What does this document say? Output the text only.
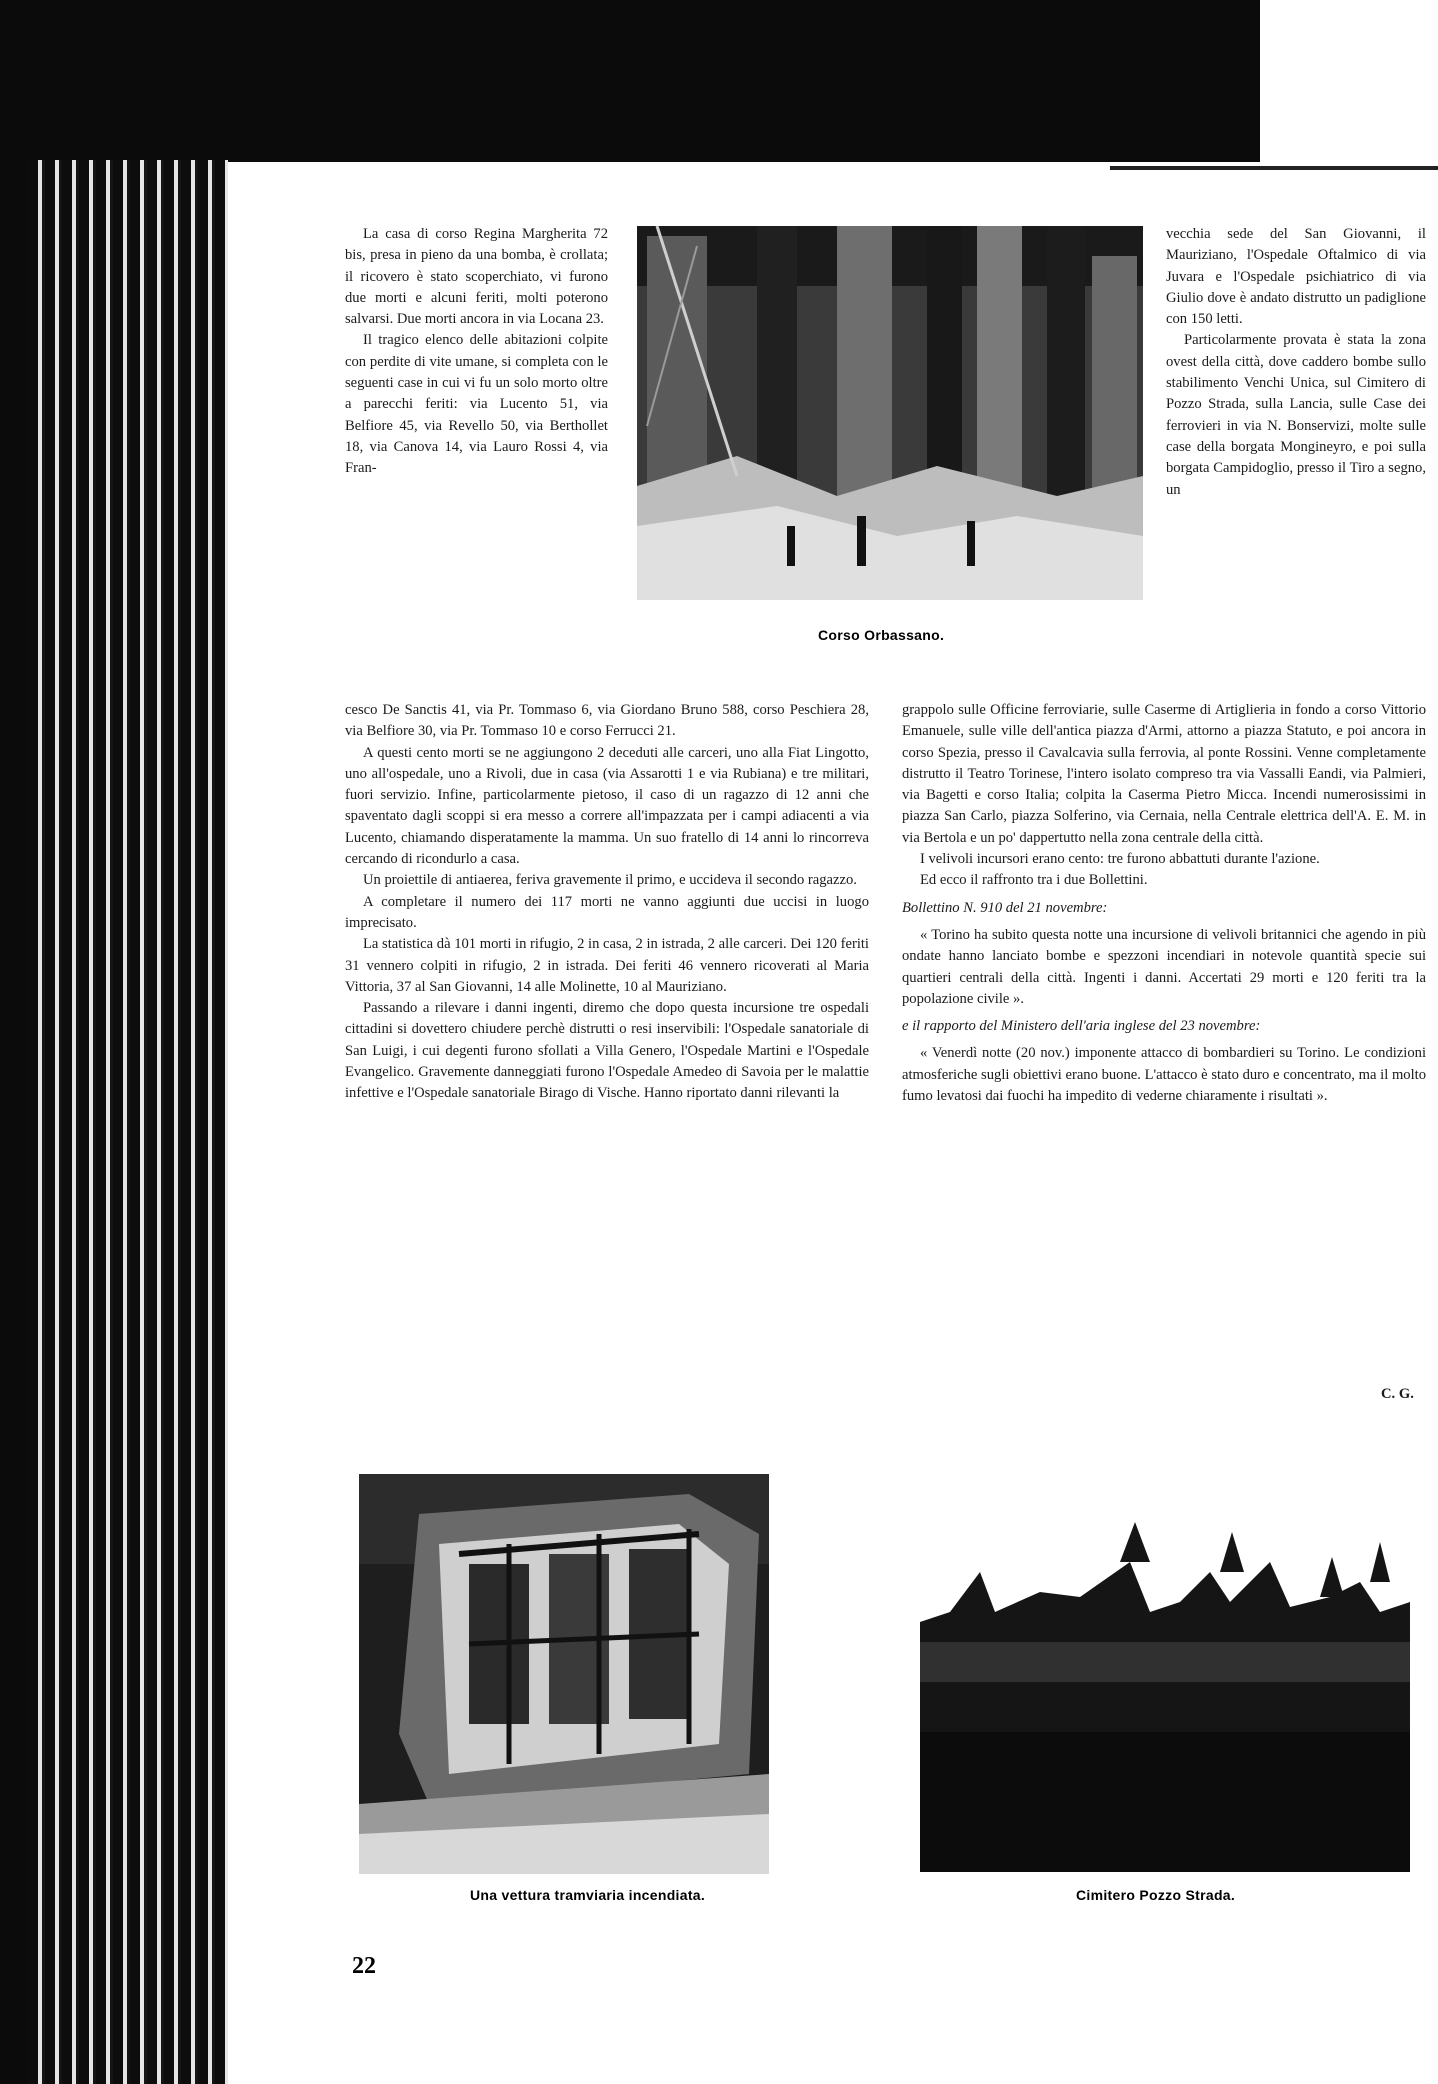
Corso Orbassano.

La casa di corso Regina Margherita 72 bis, presa in pieno da una bomba, è crollata; il ricovero è stato scoperchiato, vi furono due morti e alcuni feriti, molti poterono salvarsi. Due morti ancora in via Locana 23.

Il tragico elenco delle abitazioni colpite con perdite di vite umane, si completa con le seguenti case in cui vi fu un solo morto oltre a parecchi feriti: via Lucento 51, via Belfiore 45, via Revello 50, via Berthollet 18, via Canova 14, via Lauro Rossi 4, via Fran-

vecchia sede del San Giovanni, il Mauriziano, l'Ospedale Oftalmico di via Juvara e l'Ospedale psichiatrico di via Giulio dove è andato distrutto un padiglione con 150 letti.

Particolarmente provata è stata la zona ovest della città, dove caddero bombe sullo stabilimento Venchi Unica, sul Cimitero di Pozzo Strada, sulla Lancia, sulle Case dei ferrovieri in via N. Bonservizi, molte sulle case della borgata Mongineyro, e poi sulla borgata Campidoglio, presso il Tiro a segno, un

cesco De Sanctis 41, via Pr. Tommaso 6, via Giordano Bruno 588, corso Peschiera 28, via Belfiore 30, via Pr. Tommaso 10 e corso Ferrucci 21.

A questi cento morti se ne aggiungono 2 deceduti alle carceri, uno alla Fiat Lingotto, uno all'ospedale, uno a Rivoli, due in casa (via Assarotti 1 e via Rubiana) e tre militari, fuori servizio. Infine, particolarmente pietoso, il caso di un ragazzo di 12 anni che spaventato dagli scoppi si era messo a correre all'impazzata per i campi adiacenti a via Lucento, chiamando disperatamente la mamma. Un suo fratello di 14 anni lo rincorreva cercando di ricondurlo a casa.

Un proiettile di antiaerea, feriva gravemente il primo, e uccideva il secondo ragazzo.

A completare il numero dei 117 morti ne vanno aggiunti due uccisi in luogo imprecisato.

La statistica dà 101 morti in rifugio, 2 in casa, 2 in istrada, 2 alle carceri. Dei 120 feriti 31 vennero colpiti in rifugio, 2 in istrada. Dei feriti 46 vennero ricoverati al Maria Vittoria, 37 al San Giovanni, 14 alle Molinette, 10 al Mauriziano.

Passando a rilevare i danni ingenti, diremo che dopo questa incursione tre ospedali cittadini si dovettero chiudere perchè distrutti o resi inservibili: l'Ospedale sanatoriale di San Luigi, i cui degenti furono sfollati a Villa Genero, l'Ospedale Martini e l'Ospedale Evangelico. Gravemente danneggiati furono l'Ospedale Amedeo di Savoia per le malattie infettive e l'Ospedale sanatoriale Birago di Vische. Hanno riportato danni rilevanti la

grappolo sulle Officine ferroviarie, sulle Caserme di Artiglieria in fondo a corso Vittorio Emanuele, sulle ville dell'antica piazza d'Armi, attorno a piazza Statuto, e poi ancora in corso Spezia, presso il Cavalcavia sulla ferrovia, al ponte Rossini. Venne completamente distrutto il Teatro Torinese, l'intero isolato compreso tra via Vassalli Eandi, via Palmieri, via Bagetti e corso Italia; colpita la Caserma Pietro Micca. Incendi numerosissimi in piazza San Carlo, piazza Solferino, via Cernaia, nella Centrale elettrica dell'A. E. M. in via Bertola e un po' dappertutto nella zona centrale della città.

I velivoli incursori erano cento: tre furono abbattuti durante l'azione.

Ed ecco il raffronto tra i due Bollettini.

Bollettino N. 910 del 21 novembre:

« Torino ha subito questa notte una incursione di velivoli britannici che agendo in più ondate hanno lanciato bombe e spezzoni incendiari in notevole quantità specie sui quartieri centrali della città. Ingenti i danni. Accertati 29 morti e 120 feriti tra la popolazione civile ».

e il rapporto del Ministero dell'aria inglese del 23 novembre:

« Venerdì notte (20 nov.) imponente attacco di bombardieri su Torino. Le condizioni atmosferiche sugli obiettivi erano buone. L'attacco è stato duro e concentrato, ma il molto fumo levatosi dai fuochi ha impedito di vederne chiaramente i risultati ».

C. G.
Una vettura tramviaria incendiata.	Cimitero Pozzo Strada.
22
